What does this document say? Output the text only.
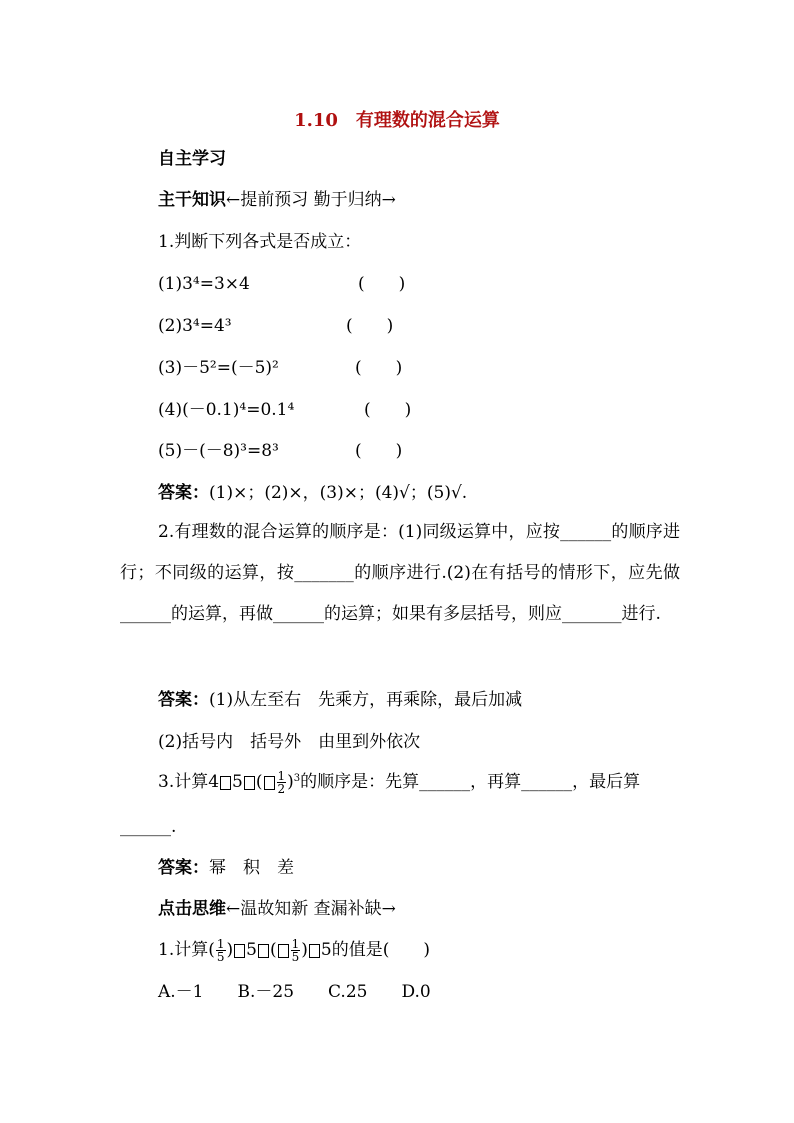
1.10　有理数的混合运算
自主学习
主干知识←提前预习 勤于归纳→
1.判断下列各式是否成立：
(1)3⁴=3×4	(　　)
(2)3⁴=4³	(　　)
(3)－5²=(－5)²	(　　)
(4)(－0.1)⁴=0.1⁴	(　　)
(5)－(－8)³=8³	(　　)
答案：(1)×；(2)×，(3)×；(4)√；(5)√.
2.有理数的混合运算的顺序是：(1)同级运算中，应按______的顺序进行；不同级的运算，按_______的顺序进行.(2)在有括号的情形下，应先做______的运算，再做______的运算；如果有多层括号，则应_______进行.
答案：(1)从左至右　先乘方，再乘除，最后加减
(2)括号内　括号外　由里到外依次
3.计算4 5 ( $\frac{1}{2} )^3$的顺序是：先算______，再算______，最后算
______.
答案：幂　积　差
点击思维←温故知新 查漏补缺→
1.计算( $\frac{1}{5}$ ) 5 ( $\frac{1}{5}$ ) 5的值是(　　)
A.－1　　B.－25　　C.25　　D.0
